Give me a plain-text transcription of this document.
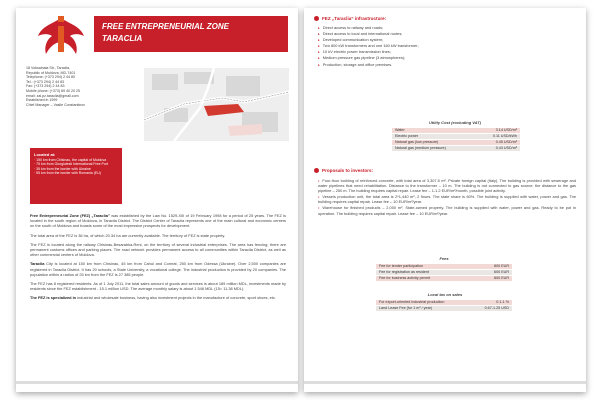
FREE ENTREPRENEURIAL ZONE
TARACLIA
18 Voksalnaia Str., Taraclia,
Republic of Moldova, MD-7401
Telephone: (+373 294) 2 44 80
Tel.: (+373 294) 2 44 83
Fax: (+373 294) 2 44 83
Mobile phone: (+373) 69 40 20 25
email: zal.pz.taraclia@gmail.com
Established in 1999
Chief Manager – Vasile Constantinov
Located at:
· 150 km from Chisinau, the capital of Moldova
· 75 km from Giurgiulesti International Free Port
· 35 km from the border with Ukraine
· 55 km from the border with Romania (EU)

Free Entrepreneurial Zone (FEZ) „Taraclia” was established by the Law No. 1529-XIII of 19 February 1998 for a period of 25 years. The FEZ is located in the south region of Moldova, in Taraclia District. The District Center of Taraclia represents one of the main cultural and economic centers on the south of Moldova and boasts some of the most impressive prospects for development.

The total area of the FEZ is 36 ha, of which 20.34 ha are currently available. The territory of FEZ is state property.

The FEZ is located along the railway Chisinau-Besarabka-Reni, on the territory of several industrial enterprises. The area has fencing; there are permanent customs offices and parking places. The road network provides permanent access to all communities within Taraclia District, as well as other commercial centers of Moldova.

Taraclia City is located at 150 km from Chisinau, 45 km from Cahul and Comrat, 250 km from Odessa (Ukraine). Over 2,500 companies are registered in Taraclia District. It has 20 schools, a State University, a vocational college. The industrial production is provided by 20 companies. The population within a radius of 25 km from the FEZ is 27 385 people.

The FEZ has 8 registered residents. As of 1 July 2011, the total sales amount of goods and services is about 189 million MDL, investments made by residents since the FEZ establishment - 15.1 million USD. The average monthly salary is about 1 546 MDL (15= 11.38 MDL).

The FEZ is specialized in industrial and wholesale business, having also investment projects in the manufacture of concrete, sport shoes, etc.

FEZ „Taraclia” infrastructure:
▸ Direct access to railway and roads;
▸ Direct access to local and international routes;
▸ Developed communication system;
▸ Two 800 kW transformers and one 160 kW transformer;
▸ 10 kV electric power transmission lines;
▸ Medium pressure gas pipeline (3 atmospheres);
▸ Production, storage and office premises.
Utility Cost (excluding VAT)
Water	3.14 USD/m³
Electric power	0.11 USD/kWh
Natural gas (low pressure)	0.45 USD/m³
Natural gas (medium pressure)	0.43 USD/m³
Proposals to investors:
• Four-floor building of reinforced concrete, with total area of 3,307.5 m². Private foreign capital (Italy). The building is provided with sewerage and water pipelines that need rehabilitation. Distance to the transformer – 10 m. The building is not connected to gas source; the distance to the gas pipeline – 250 m. The building requires capital repair. Lease fee – 1-1.2 EUR/m²/month, possible joint activity.
• Vessels production unit, the total area is 2*1,440 m², 2 floors. The state share is 60%. The building is supplied with water, power and gas. The building requires capital repair. Lease fee – 10 EUR/m²/year.
• Warehouse for finished products – 2,000 m², State-owned property. The building is supplied with water, power and gas. Ready to be put in operation. The building requires capital repair. Lease fee – 10 EUR/m²/year.
Fees
Fee for tender participation	800 EUR
Fee for registration as resident	600 EUR
Fee for business activity permit	800 EUR
Local tax on sales
For export-oriented industrial production	0.1-1 %
Land Lease Fee (for 1 m² / year)	0.67-1.25 USD
